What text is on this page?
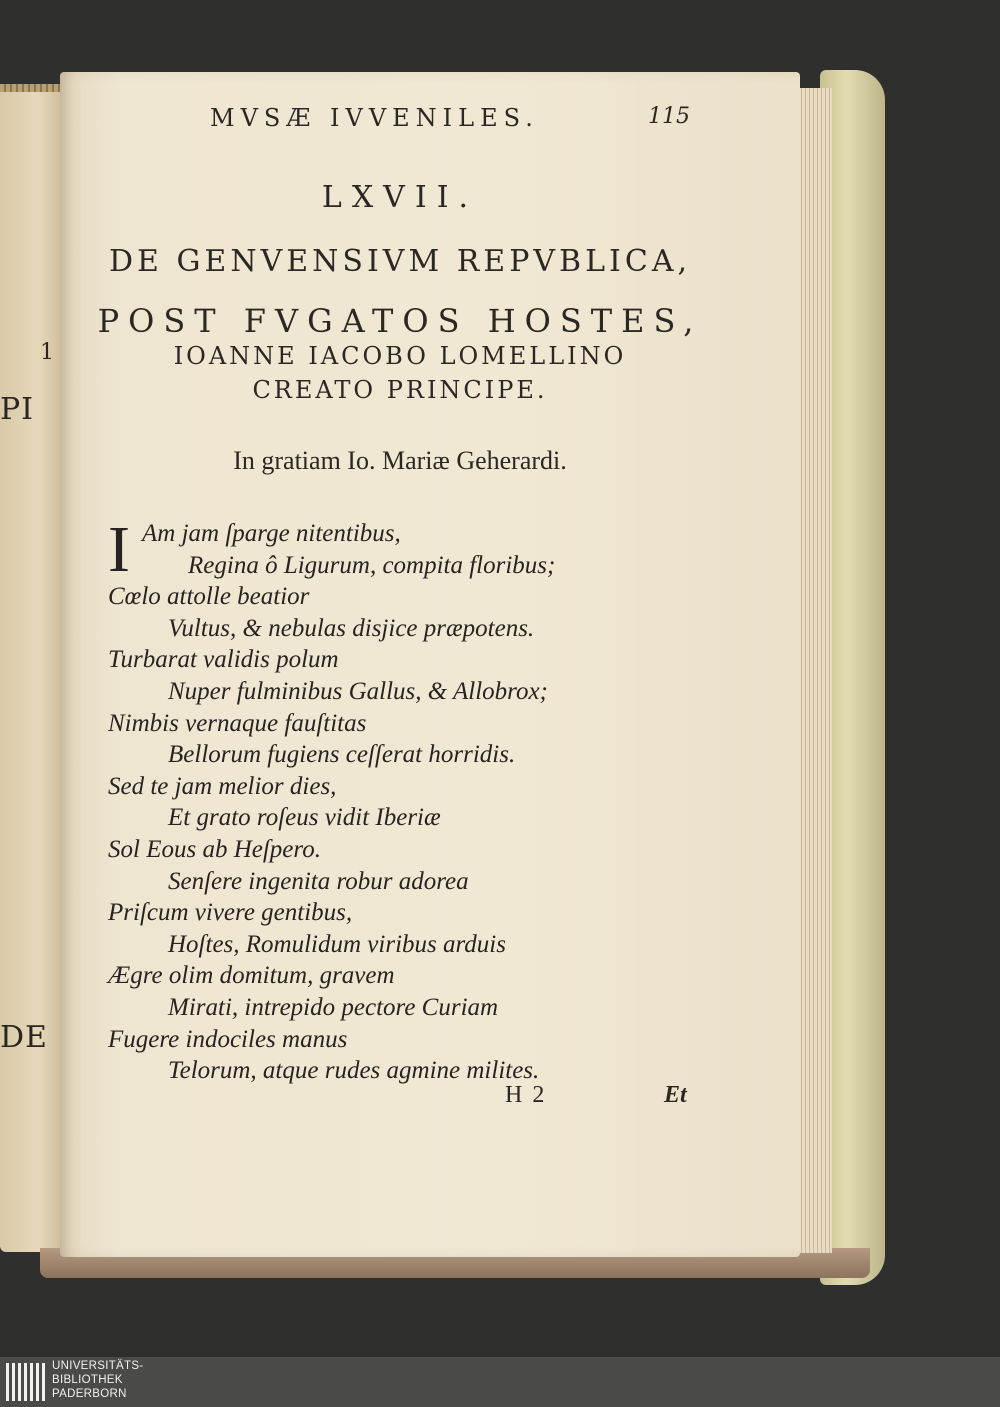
1
PI
DE
MVSÆ IVVENILES.	115
LXVII.
DE GENVENSIVM REPVBLICA,
POST FVGATOS HOSTES,
IOANNE IACOBO LOMELLINO
CREATO PRINCIPE.
In gratiam Io. Mariæ Geherardi.
I Am jam ſparge nitentibus,
Regina ô Ligurum, compita floribus;
Cœlo attolle beatior
Vultus, & nebulas disjice præpotens.
Turbarat validis polum
Nuper fulminibus Gallus, & Allobrox;
Nimbis vernaque fauſtitas
Bellorum fugiens ceſſerat horridis.
Sed te jam melior dies,
Et grato roſeus vidit Iberiæ
Sol Eous ab Heſpero.
Senſere ingenita robur adorea
Priſcum vivere gentibus,
Hoſtes, Romulidum viribus arduis
Ægre olim domitum, gravem
Mirati, intrepido pectore Curiam
Fugere indociles manus
Telorum, atque rudes agmine milites.
H 2	Et
UNIVERSITÄTS-
BIBLIOTHEK
PADERBORN
